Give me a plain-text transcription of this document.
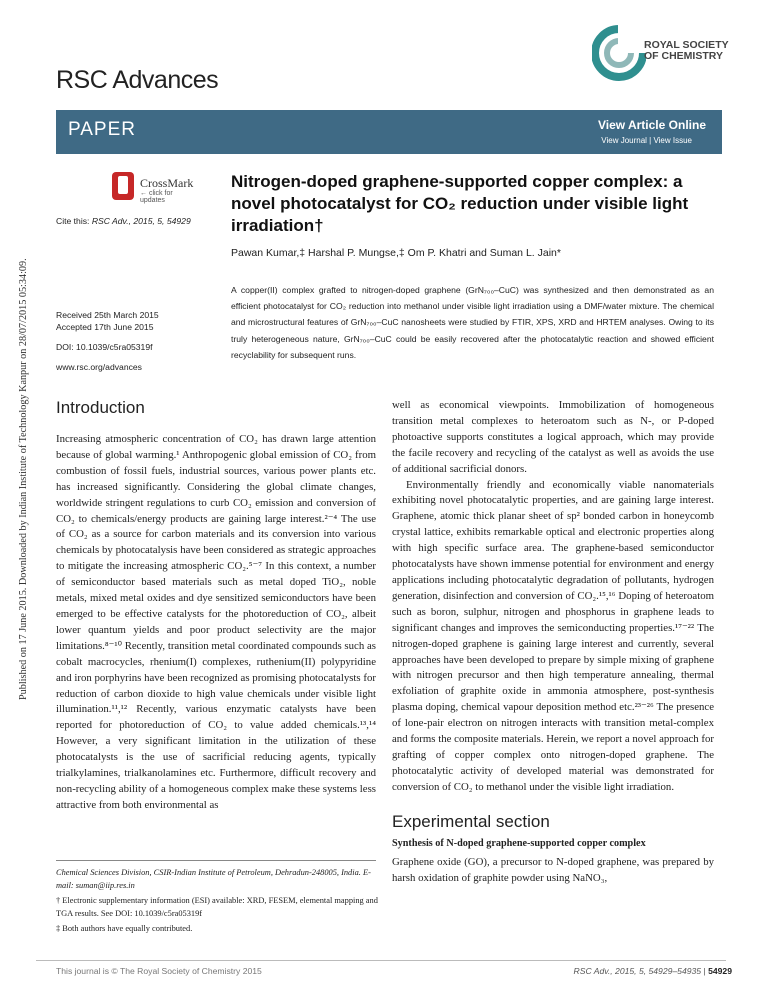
Published on 17 June 2015. Downloaded by Indian Institute of Technology Kanpur on 28/07/2015 05:34:09.
RSC Advances
ROYAL SOCIETY
OF CHEMISTRY
PAPER	View Article Online
View Journal | View Issue
CrossMark
← click for updates
Cite this: RSC Adv., 2015, 5, 54929
Received 25th March 2015
Accepted 17th June 2015
DOI: 10.1039/c5ra05319f
www.rsc.org/advances
Nitrogen-doped graphene-supported copper complex: a novel photocatalyst for CO₂ reduction under visible light irradiation†
Pawan Kumar,‡ Harshal P. Mungse,‡ Om P. Khatri and Suman L. Jain*
A copper(II) complex grafted to nitrogen-doped graphene (GrN₇₀₀–CuC) was synthesized and then demonstrated as an efficient photocatalyst for CO₂ reduction into methanol under visible light irradiation using a DMF/water mixture. The chemical and microstructural features of GrN₇₀₀–CuC nanosheets were studied by FTIR, XPS, XRD and HRTEM analyses. Owing to its truly heterogeneous nature, GrN₇₀₀–CuC could be easily recovered after the photocatalytic reaction and showed efficient recyclability for subsequent runs.
Introduction

Increasing atmospheric concentration of CO₂ has drawn large attention because of global warming.¹ Anthropogenic global emission of CO₂ from combustion of fossil fuels, industrial sources, various power plants etc. has increased significantly. Considering the global climate changes, worldwide stringent regulations to curb CO₂ emission and conversion of CO₂ to chemicals/energy products are gaining large interest.²⁻⁴ The use of CO₂ as a source for carbon materials and its conversion into various chemicals by photocatalysis have been considered as strategic approaches to mitigate the increasing atmospheric CO₂.⁵⁻⁷ In this context, a number of semiconductor based materials such as metal doped TiO₂, noble metals, mixed metal oxides and dye sensitized semiconductors have been emerged to be effective catalysts for the photoreduction of CO₂, albeit lower quantum yields and poor product selectivity are the major limitations.⁸⁻¹⁰ Recently, transition metal coordinated compounds such as cobalt macrocycles, rhenium(I) complexes, ruthenium(II) polypyridine and iron porphyrins have been recognized as promising photocatalysts for reduction of carbon dioxide to high value chemicals under visible light illumination.¹¹,¹² Recently, various enzymatic catalysts have been reported for photoreduction of CO₂ to value added chemicals.¹³,¹⁴ However, a very significant limitation in the utilization of these photocatalysts is the use of sacrificial reducing agents, typically trialkylamines, trialkanolamines etc. Furthermore, difficult recovery and non-recycling ability of a homogeneous complex make these systems less attractive from both environmental as

well as economical viewpoints. Immobilization of homogeneous transition metal complexes to heteroatom such as N-, or P-doped photoactive supports constitutes a logical approach, which may provide the facile recovery and recycling of the catalyst as well as avoids the use of additional sacrificial donors.

Environmentally friendly and economically viable nanomaterials exhibiting novel photocatalytic properties, and are gaining large interest. Graphene, atomic thick planar sheet of sp² bonded carbon in honeycomb crystal lattice, exhibits remarkable optical and electronic properties along with high specific surface area. The graphene-based semiconductor photocatalysts have shown immense potential for environment and energy applications including photocatalytic degradation of pollutants, hydrogen generation, disinfection and conversion of CO₂.¹⁵,¹⁶ Doping of heteroatom such as boron, sulphur, nitrogen and phosphorus in graphene leads to significant changes and improves the semiconducting properties.¹⁷⁻²² The nitrogen-doped graphene is gaining large interest and currently, several approaches have been developed to prepare by simple mixing of graphene with nitrogen precursor and then high temperature annealing, thermal exfoliation of graphite oxide in ammonia atmosphere, post-synthesis plasma doping, chemical vapour deposition method etc.²³⁻²⁶ The presence of lone-pair electron on nitrogen interacts with transition metal-complex and forms the composite materials. Herein, we report a novel approach for grafting of copper complex onto nitrogen-doped graphene. The photocatalytic activity of developed material was demonstrated for conversion of CO₂ to methanol under the visible light irradiation.

Experimental section

Synthesis of N-doped graphene-supported copper complex

Graphene oxide (GO), a precursor to N-doped graphene, was prepared by harsh oxidation of graphite powder using NaNO₃,

Chemical Sciences Division, CSIR-Indian Institute of Petroleum, Dehradun-248005, India. E-mail: suman@iip.res.in

† Electronic supplementary information (ESI) available: XRD, FESEM, elemental mapping and TGA results. See DOI: 10.1039/c5ra05319f

‡ Both authors have equally contributed.

This journal is © The Royal Society of Chemistry 2015	RSC Adv., 2015, 5, 54929–54935 | 54929
